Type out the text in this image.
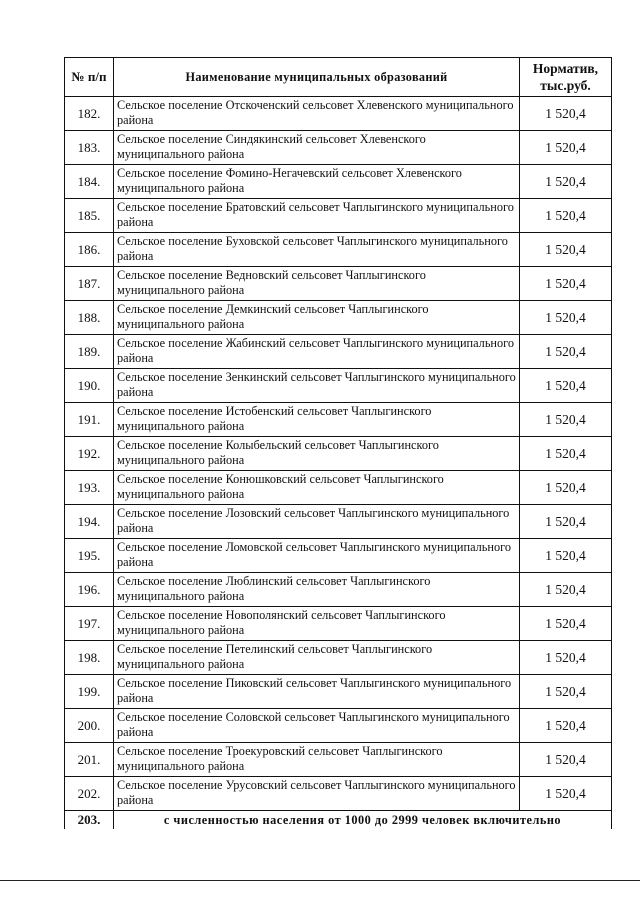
№ п/п	Наименование муниципальных образований	Норматив, тыс.руб.
182.	Сельское поселение Отскоченский сельсовет Хлевенского муниципального района	1 520,4
183.	Сельское поселение Синдякинский сельсовет Хлевенского муниципального района	1 520,4
184.	Сельское поселение Фомино-Негачевский сельсовет Хлевенского муниципального района	1 520,4
185.	Сельское поселение Братовский сельсовет Чаплыгинского муниципального района	1 520,4
186.	Сельское поселение Буховской сельсовет Чаплыгинского муниципального района	1 520,4
187.	Сельское поселение Ведновский сельсовет Чаплыгинского муниципального района	1 520,4
188.	Сельское поселение Демкинский сельсовет Чаплыгинского муниципального района	1 520,4
189.	Сельское поселение Жабинский сельсовет Чаплыгинского муниципального района	1 520,4
190.	Сельское поселение Зенкинский сельсовет Чаплыгинского муниципального района	1 520,4
191.	Сельское поселение Истобенский сельсовет Чаплыгинского муниципального района	1 520,4
192.	Сельское поселение Колыбельский сельсовет Чаплыгинского муниципального района	1 520,4
193.	Сельское поселение Конюшковский сельсовет Чаплыгинского муниципального района	1 520,4
194.	Сельское поселение Лозовский сельсовет Чаплыгинского муниципального района	1 520,4
195.	Сельское поселение Ломовской сельсовет Чаплыгинского муниципального района	1 520,4
196.	Сельское поселение Люблинский сельсовет Чаплыгинского муниципального района	1 520,4
197.	Сельское поселение Новополянский сельсовет Чаплыгинского муниципального района	1 520,4
198.	Сельское поселение Петелинский сельсовет Чаплыгинского муниципального района	1 520,4
199.	Сельское поселение Пиковский сельсовет Чаплыгинского муниципального района	1 520,4
200.	Сельское поселение Соловской сельсовет Чаплыгинского муниципального района	1 520,4
201.	Сельское поселение Троекуровский сельсовет Чаплыгинского муниципального района	1 520,4
202.	Сельское поселение Урусовский сельсовет Чаплыгинского муниципального района	1 520,4
203.	с численностью населения от 1000 до 2999 человек включительно	
